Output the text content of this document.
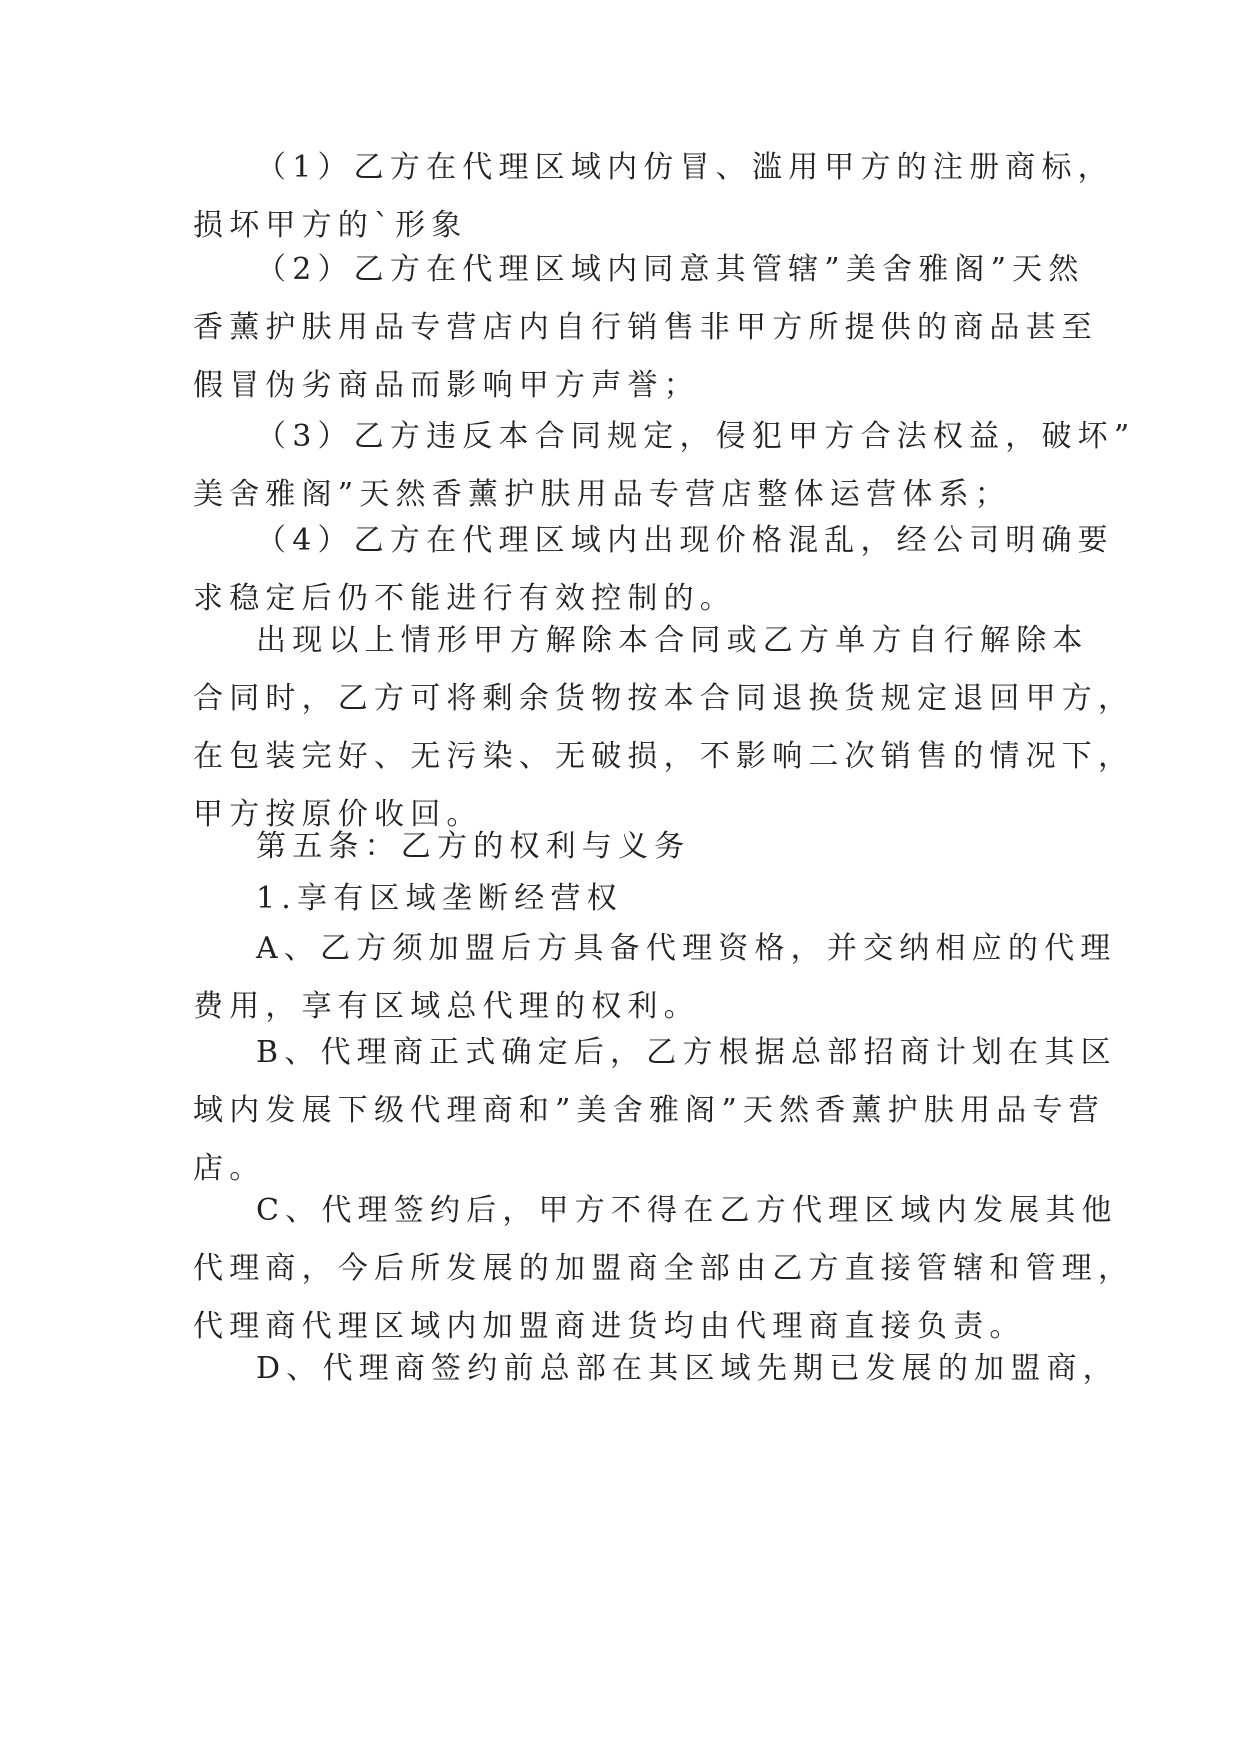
（1）乙方在代理区域内仿冒、滥用甲方的注册商标，
损坏甲方的`形象
（2）乙方在代理区域内同意其管辖”美舍雅阁”天然
香薰护肤用品专营店内自行销售非甲方所提供的商品甚至
假冒伪劣商品而影响甲方声誉；
（3）乙方违反本合同规定，侵犯甲方合法权益，破坏”
美舍雅阁”天然香薰护肤用品专营店整体运营体系；
（4）乙方在代理区域内出现价格混乱，经公司明确要
求稳定后仍不能进行有效控制的。
出现以上情形甲方解除本合同或乙方单方自行解除本
合同时，乙方可将剩余货物按本合同退换货规定退回甲方，
在包装完好、无污染、无破损，不影响二次销售的情况下，
甲方按原价收回。
第五条：乙方的权利与义务
1.享有区域垄断经营权
A、乙方须加盟后方具备代理资格，并交纳相应的代理
费用，享有区域总代理的权利。
B、代理商正式确定后，乙方根据总部招商计划在其区
域内发展下级代理商和”美舍雅阁”天然香薰护肤用品专营
店。
C、代理签约后，甲方不得在乙方代理区域内发展其他
代理商，今后所发展的加盟商全部由乙方直接管辖和管理，
代理商代理区域内加盟商进货均由代理商直接负责。
D、代理商签约前总部在其区域先期已发展的加盟商，
